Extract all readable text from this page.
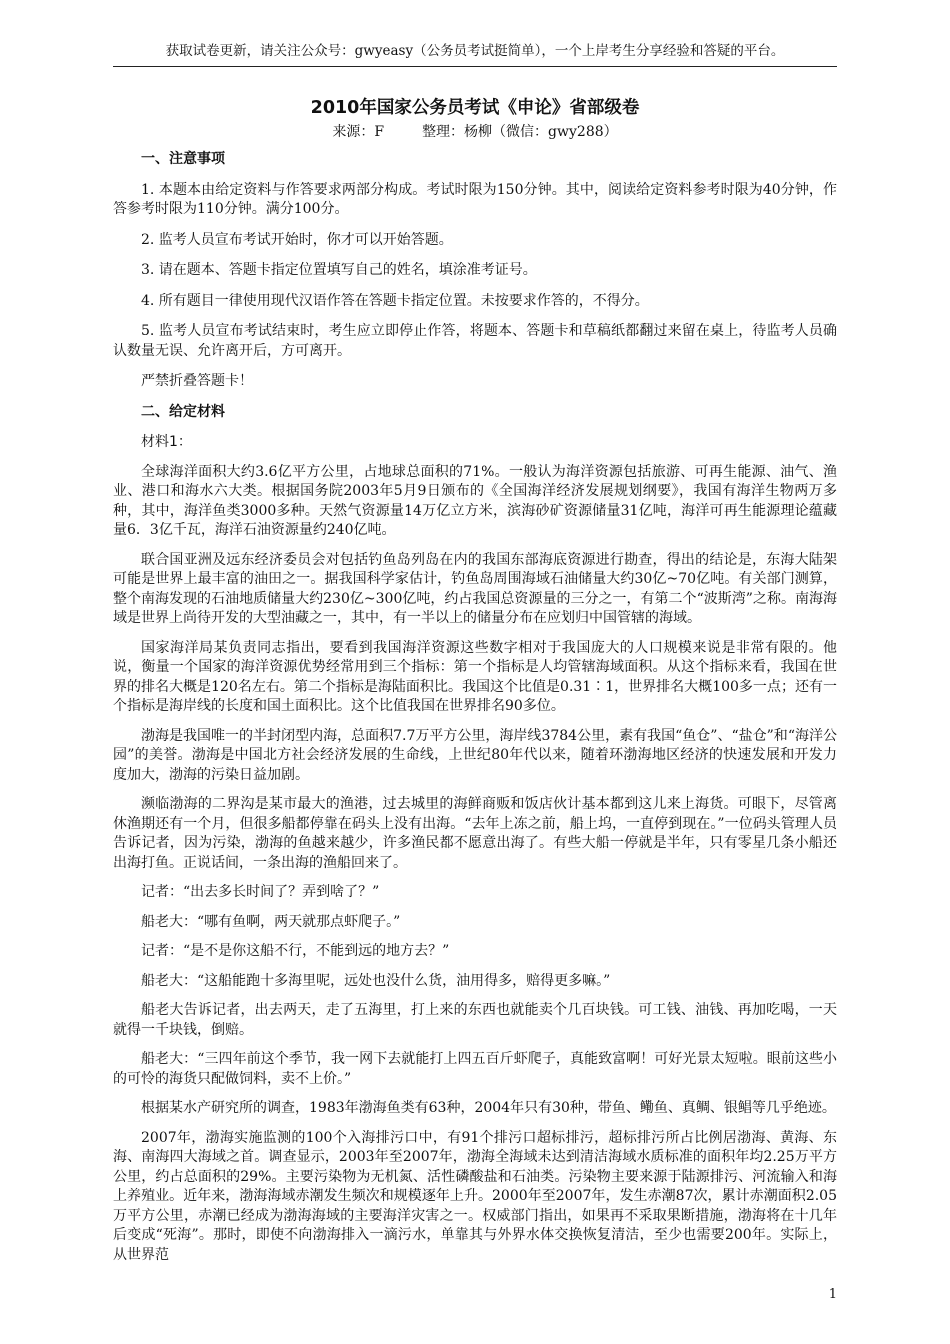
获取试卷更新，请关注公众号：gwyeasy（公务员考试挺简单），一个上岸考生分享经验和答疑的平台。
2010年国家公务员考试《申论》省部级卷
来源：F	整理：杨柳（微信：gwy288）
一、注意事项
1. 本题本由给定资料与作答要求两部分构成。考试时限为150分钟。其中，阅读给定资料参考时限为40分钟，作答参考时限为110分钟。满分100分。
2. 监考人员宣布考试开始时，你才可以开始答题。
3. 请在题本、答题卡指定位置填写自己的姓名，填涂准考证号。
4. 所有题目一律使用现代汉语作答在答题卡指定位置。未按要求作答的，不得分。
5. 监考人员宣布考试结束时，考生应立即停止作答，将题本、答题卡和草稿纸都翻过来留在桌上，待监考人员确认数量无误、允许离开后，方可离开。
严禁折叠答题卡！
二、给定材料
材料1：
全球海洋面积大约3.6亿平方公里，占地球总面积的71%。一般认为海洋资源包括旅游、可再生能源、油气、渔业、港口和海水六大类。根据国务院2003年5月9日颁布的《全国海洋经济发展规划纲要》，我国有海洋生物两万多种，其中，海洋鱼类3000多种。天然气资源量14万亿立方米，滨海砂矿资源储量31亿吨，海洋可再生能源理论蕴藏量6．3亿千瓦，海洋石油资源量约240亿吨。
联合国亚洲及远东经济委员会对包括钓鱼岛列岛在内的我国东部海底资源进行勘查，得出的结论是，东海大陆架可能是世界上最丰富的油田之一。据我国科学家估计，钓鱼岛周围海域石油储量大约30亿~70亿吨。有关部门测算，整个南海发现的石油地质储量大约230亿~300亿吨，约占我国总资源量的三分之一，有第二个“波斯湾”之称。南海海域是世界上尚待开发的大型油藏之一，其中，有一半以上的储量分布在应划归中国管辖的海域。
国家海洋局某负责同志指出，要看到我国海洋资源这些数字相对于我国庞大的人口规模来说是非常有限的。他说，衡量一个国家的海洋资源优势经常用到三个指标：第一个指标是人均管辖海域面积。从这个指标来看，我国在世界的排名大概是120名左右。第二个指标是海陆面积比。我国这个比值是0.31∶1，世界排名大概100多一点；还有一个指标是海岸线的长度和国土面积比。这个比值我国在世界排名90多位。
渤海是我国唯一的半封闭型内海，总面积7.7万平方公里，海岸线3784公里，素有我国“鱼仓”、“盐仓”和“海洋公园”的美誉。渤海是中国北方社会经济发展的生命线，上世纪80年代以来，随着环渤海地区经济的快速发展和开发力度加大，渤海的污染日益加剧。
濒临渤海的二界沟是某市最大的渔港，过去城里的海鲜商贩和饭店伙计基本都到这儿来上海货。可眼下，尽管离休渔期还有一个月，但很多船都停靠在码头上没有出海。“去年上冻之前，船上坞，一直停到现在。”一位码头管理人员告诉记者，因为污染，渤海的鱼越来越少，许多渔民都不愿意出海了。有些大船一停就是半年，只有零星几条小船还出海打鱼。正说话间，一条出海的渔船回来了。
记者：“出去多长时间了？弄到啥了？”
船老大：“哪有鱼啊，两天就那点虾爬子。”
记者：“是不是你这船不行，不能到远的地方去？”
船老大：“这船能跑十多海里呢，远处也没什么货，油用得多，赔得更多嘛。”
船老大告诉记者，出去两天，走了五海里，打上来的东西也就能卖个几百块钱。可工钱、油钱、再加吃喝，一天就得一千块钱，倒赔。
船老大：“三四年前这个季节，我一网下去就能打上四五百斤虾爬子，真能致富啊！可好光景太短啦。眼前这些小的可怜的海货只配做饲料，卖不上价。”
根据某水产研究所的调查，1983年渤海鱼类有63种，2004年只有30种，带鱼、鳓鱼、真鲷、银鲳等几乎绝迹。
2007年，渤海实施监测的100个入海排污口中，有91个排污口超标排污，超标排污所占比例居渤海、黄海、东海、南海四大海域之首。调查显示，2003年至2007年，渤海全海域未达到清洁海域水质标准的面积年均2.25万平方公里，约占总面积的29%。主要污染物为无机氮、活性磷酸盐和石油类。污染物主要来源于陆源排污、河流输入和海上养殖业。近年来，渤海海域赤潮发生频次和规模逐年上升。2000年至2007年，发生赤潮87次，累计赤潮面积2.05万平方公里，赤潮已经成为渤海海域的主要海洋灾害之一。权威部门指出，如果再不采取果断措施，渤海将在十几年后变成“死海”。那时，即使不向渤海排入一滴污水，单靠其与外界水体交换恢复清洁，至少也需要200年。实际上，从世界范
1
